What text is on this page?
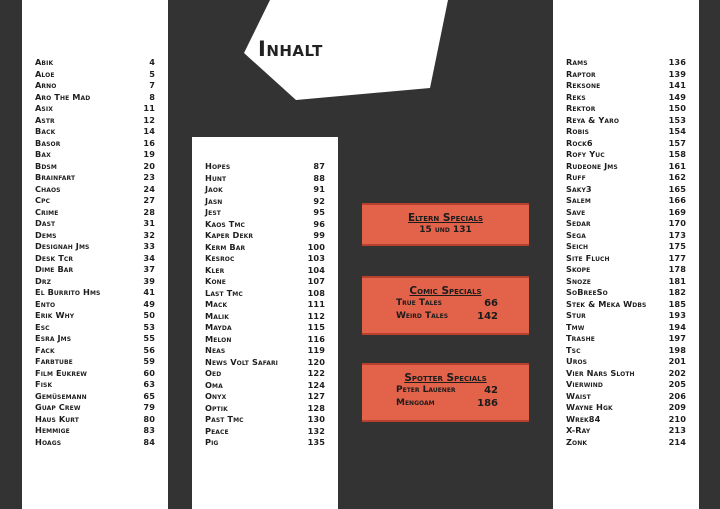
Inhalt
Eltern Specials
15 und 131
Comic Specials
True Tales	66
Weird Tales	142
Spotter Specials
Peter Lauener	42
Mengoam	186
Abik	4
Aloe	5
Arno	7
Aro The Mad	8
Asix	11
Astr	12
Back	14
Basor	16
Bax	19
Bdsm	20
Brainfart	23
Chaos	24
Cpc	27
Crime	28
Dast	31
Dems	32
Designah Jms	33
Desk Tcr	34
Dime Bar	37
Drz	39
El Burrito Hms	41
Ento	49
Erik Why	50
Esc	53
Esra Jms	55
Fack	56
Farbtube	59
Film Eukrew	60
Fisk	63
Gemüsemann	65
Guap Crew	79
Haus Kurt	80
Hemmige	83
Hoags	84
Hopes	87
Hunt	88
Jaok	91
Jasn	92
Jest	95
Kaos Tmc	96
Kaper Dekr	99
Kerm Bar	100
Kesroc	103
Kler	104
Kone	107
Last Tmc	108
Mack	111
Malik	112
Mayda	115
Melon	116
Neas	119
News Volt Safari	120
Oed	122
Oma	124
Onyx	127
Optik	128
Past Tmc	130
Peace	132
Pig	135
Rams	136
Raptor	139
Reksone	141
Reks	149
Rektor	150
Reya & Yaro	153
Robis	154
Rock6	157
Rofy Yuc	158
Rudeone Jms	161
Ruff	162
Saky3	165
Salem	166
Save	169
Sedar	170
Sega	173
Seich	175
Site Fluch	177
Skope	178
Snoze	181
SoBreeSo	182
Stek & Meka Wdbs	185
Stur	193
Tmw	194
Trashe	197
Tsc	198
Uros	201
Vier Nars Sloth	202
Vierwind	205
Waist	206
Wayne Hgk	209
Wrek84	210
X-Ray	213
Zonk	214
